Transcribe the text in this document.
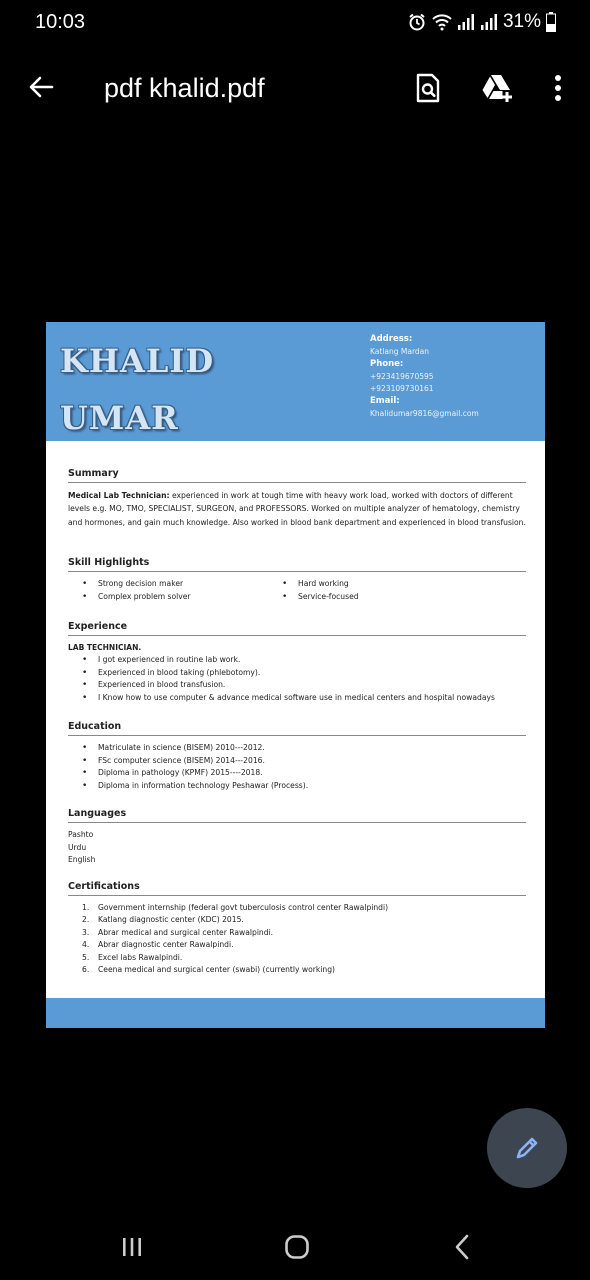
10:03	31%
pdf khalid.pdf
KHALID
UMAR
Address:
Katlang Mardan
Phone:
+923419670595
+923109730161
Email:
Khalidumar9816@gmail.com
Summary
Medical Lab Technician: experienced in work at tough time with heavy work load, worked with doctors of different levels e.g. MO, TMO, SPECIALIST, SURGEON, and PROFESSORS. Worked on multiple analyzer of hematology, chemistry and hormones, and gain much knowledge. Also worked in blood bank department and experienced in blood transfusion.
Skill Highlights
• Strong decision maker
• Complex problem solver
• Hard working
• Service-focused
Experience
LAB TECHNICIAN.
• I got experienced in routine lab work.
• Experienced in blood taking (phlebotomy).
• Experienced in blood transfusion.
• I Know how to use computer & advance medical software use in medical centers and hospital nowadays
Education
• Matriculate in science (BISEM) 2010---2012.
• FSc computer science (BISEM) 2014---2016.
• Diploma in pathology (KPMF) 2015----2018.
• Diploma in information technology Peshawar (Process).
Languages
Pashto
Urdu
English
Certifications
1. Government internship (federal govt tuberculosis control center Rawalpindi)
2. Katlang diagnostic center (KDC) 2015.
3. Abrar medical and surgical center Rawalpindi.
4. Abrar diagnostic center Rawalpindi.
5. Excel labs Rawalpindi.
6. Ceena medical and surgical center (swabi) (currently working)
